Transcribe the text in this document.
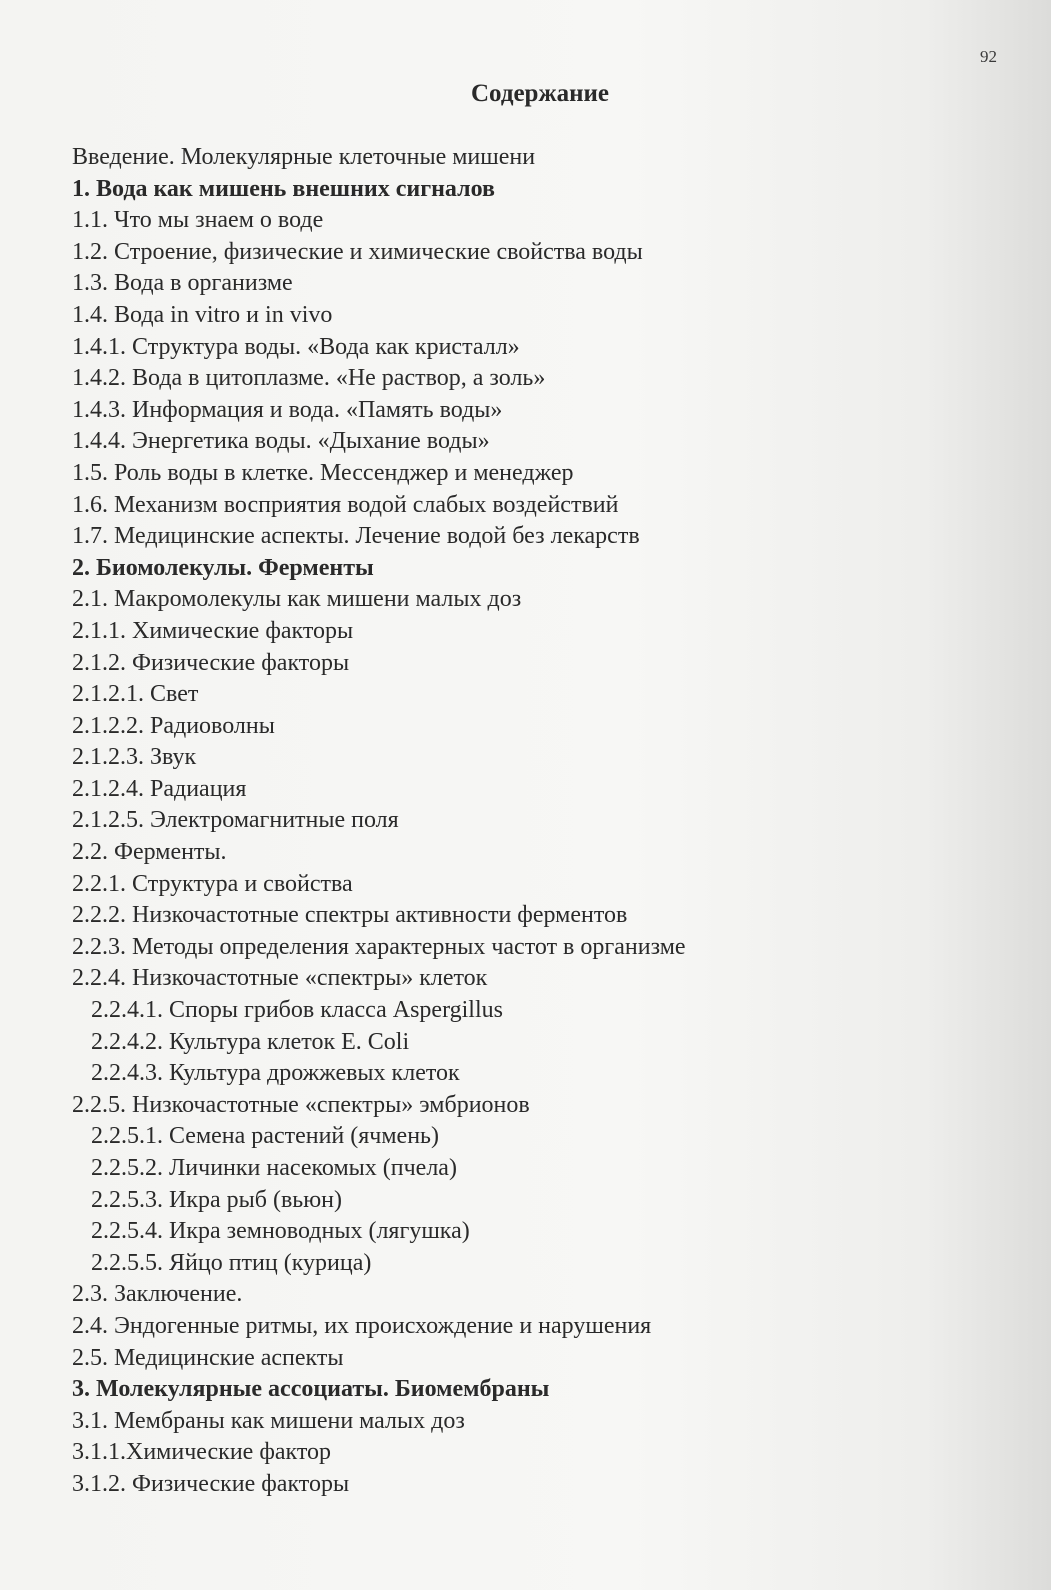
92
Содержание
Введение. Молекулярные клеточные мишени
1. Вода как мишень внешних сигналов
1.1. Что мы знаем о воде
1.2. Строение, физические и химические свойства воды
1.3. Вода в организме
1.4. Вода in vitro и in vivo
1.4.1. Структура воды. «Вода как кристалл»
1.4.2. Вода в цитоплазме. «Не раствор, а золь»
1.4.3. Информация и вода. «Память воды»
1.4.4. Энергетика воды. «Дыхание воды»
1.5. Роль воды в клетке. Мессенджер и менеджер
1.6. Механизм восприятия водой слабых воздействий
1.7. Медицинские аспекты. Лечение водой без лекарств
2. Биомолекулы. Ферменты
2.1. Макромолекулы как мишени малых доз
2.1.1. Химические факторы
2.1.2. Физические факторы
2.1.2.1. Свет
2.1.2.2. Радиоволны
2.1.2.3. Звук
2.1.2.4. Радиация
2.1.2.5. Электромагнитные поля
2.2. Ферменты.
2.2.1. Структура и свойства
2.2.2. Низкочастотные спектры активности ферментов
2.2.3. Методы определения характерных частот в организме
2.2.4. Низкочастотные «спектры» клеток
2.2.4.1. Споры грибов класса Aspergillus
2.2.4.2. Культура клеток E. Coli
2.2.4.3. Культура дрожжевых клеток
2.2.5. Низкочастотные «спектры» эмбрионов
2.2.5.1. Семена растений (ячмень)
2.2.5.2. Личинки насекомых (пчела)
2.2.5.3. Икра рыб (вьюн)
2.2.5.4. Икра земноводных (лягушка)
2.2.5.5. Яйцо птиц (курица)
2.3. Заключение.
2.4. Эндогенные ритмы, их происхождение и нарушения
2.5. Медицинские аспекты
3. Молекулярные ассоциаты. Биомембраны
3.1. Мембраны как мишени малых доз
3.1.1.Химические фактор
3.1.2. Физические факторы
